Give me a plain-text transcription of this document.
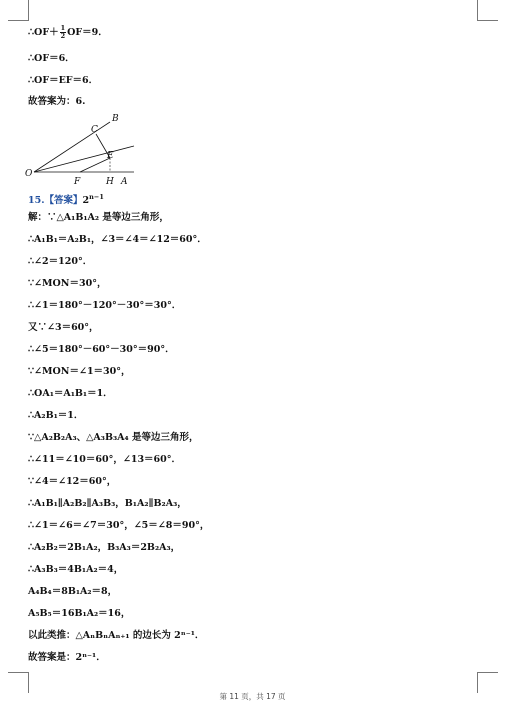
∴OF＋ $\frac{1}{2} OF=9$．
∴OF＝6．
∴OF＝EF＝6．
故答案为：6.
O
B
C
E
F	H A
15.【答案】$2^{n-1}$
解：∵△A₁B₁A₂ 是等边三角形，
∴A₁B₁＝A₂B₁，∠3＝∠4＝∠12＝60°．
∴∠2＝120°．
∵∠MON＝30°，
∴∠1＝180°－120°－30°＝30°．
又∵∠3＝60°，
∴∠5＝180°－60°－30°＝90°．
∵∠MON＝∠1＝30°，
∴OA₁＝A₁B₁＝1．
∴A₂B₁＝1．
∵△A₂B₂A₃、△A₃B₃A₄ 是等边三角形，
∴∠11＝∠10＝60°，∠13＝60°．
∵∠4＝∠12＝60°，
∴A₁B₁∥A₂B₂∥A₃B₃，B₁A₂∥B₂A₃，
∴∠1＝∠6＝∠7＝30°，∠5＝∠8＝90°，
∴A₂B₂＝2B₁A₂，B₃A₃＝2B₂A₃，
∴A₃B₃＝4B₁A₂＝4，
A₄B₄＝8B₁A₂＝8，
A₅B₅＝16B₁A₂＝16，
以此类推：△AₙBₙAₙ₊₁ 的边长为 2ⁿ⁻¹．
故答案是：2ⁿ⁻¹．
第 11 页，共 17 页
